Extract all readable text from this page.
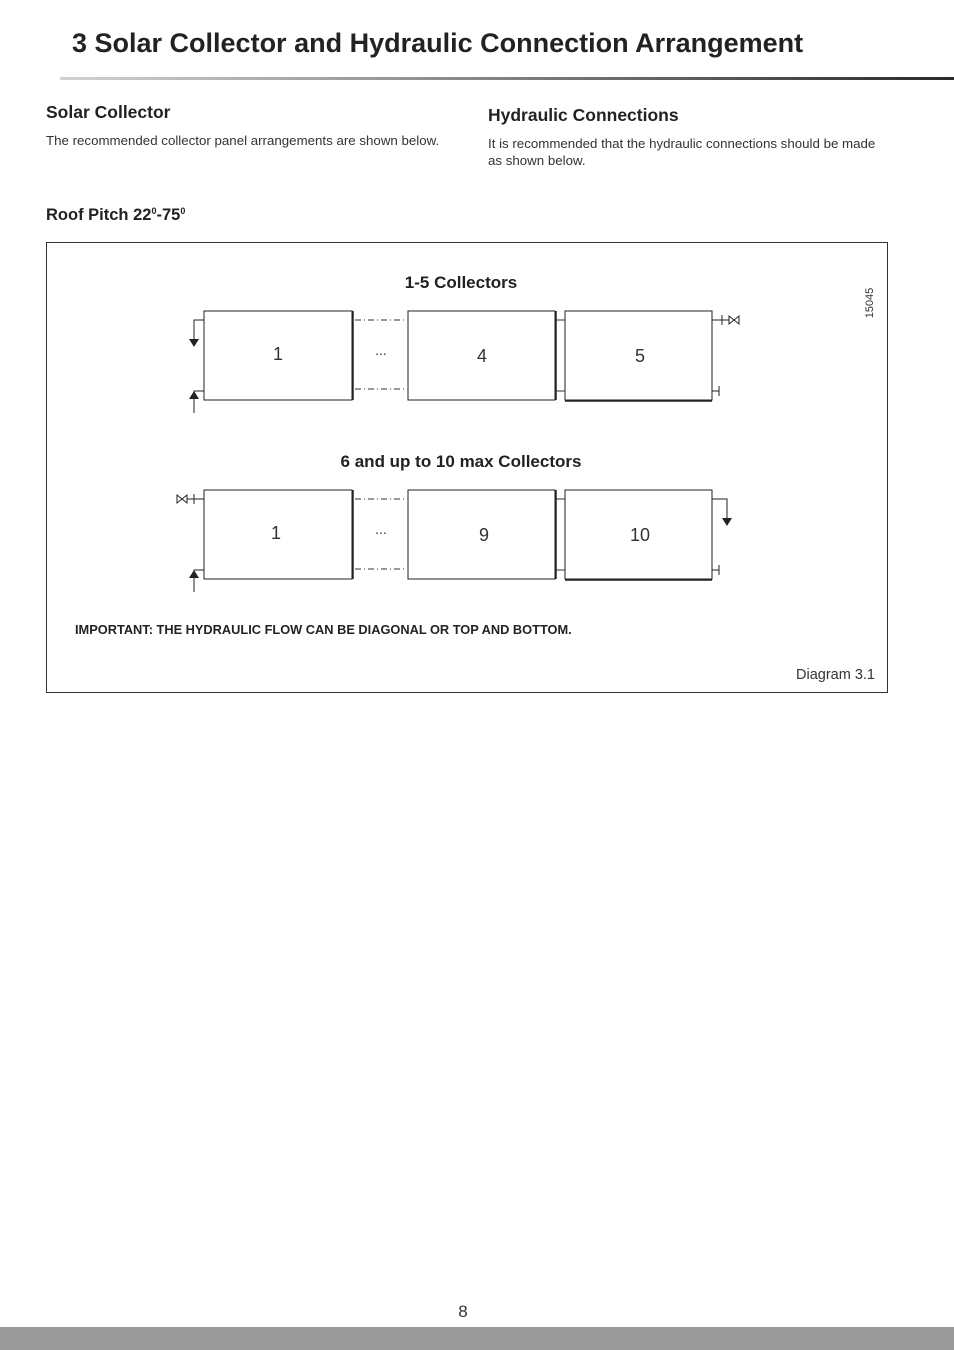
3 Solar Collector and Hydraulic Connection Arrangement
Solar Collector

The recommended collector panel arrangements are shown below.

Hydraulic Connections

It is recommended that the hydraulic connections should be made as shown below.

Roof Pitch $22^0-75^0$

15045
1-5 Collectors
1	4	5
...
6 and up to 10 max Collectors
1	9	10
...

IMPORTANT: THE HYDRAULIC FLOW CAN BE DIAGONAL OR TOP AND BOTTOM.

Diagram 3.1

8
